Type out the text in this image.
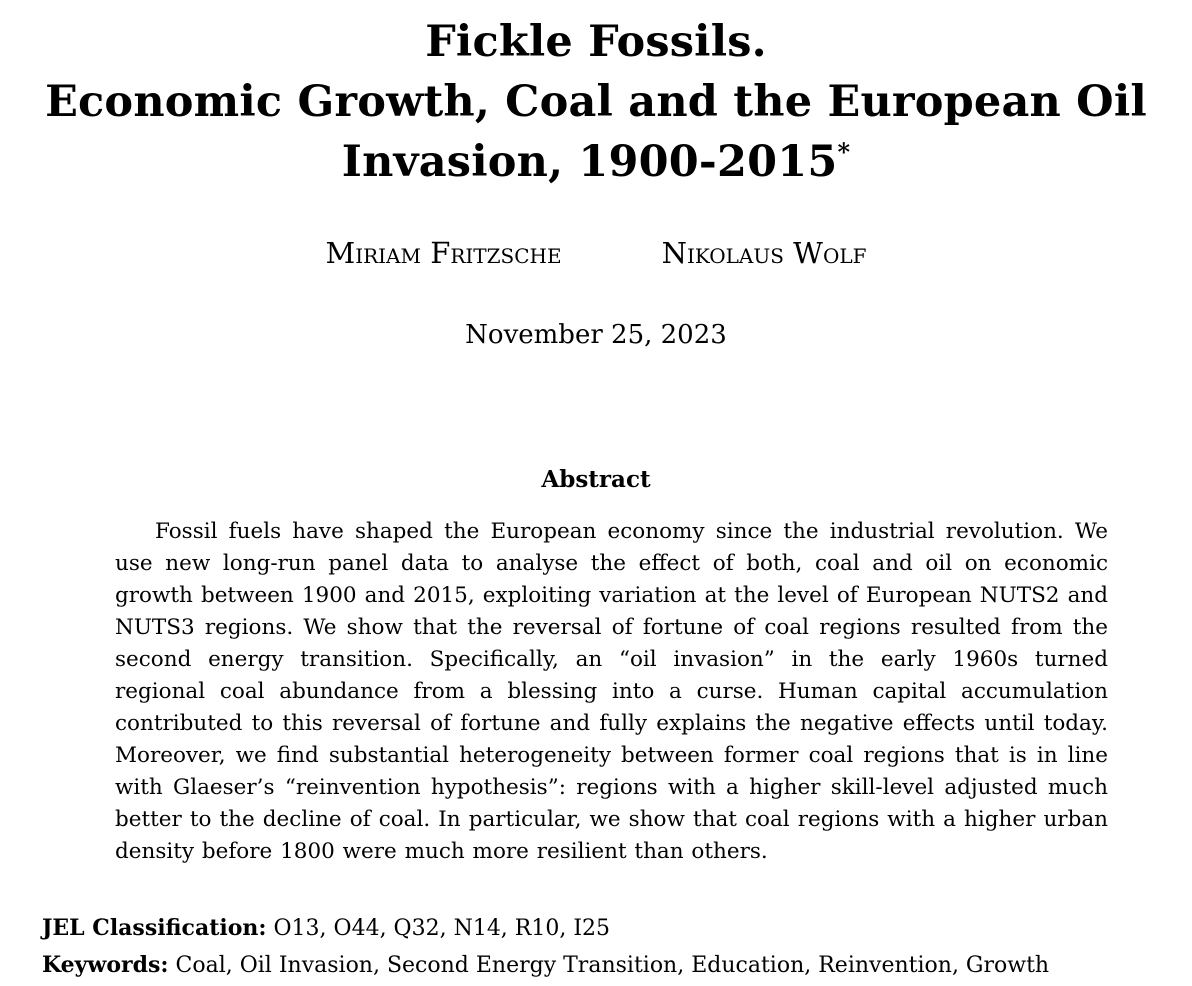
Fickle Fossils.
Economic Growth, Coal and the European Oil
Invasion, 1900-2015*
Miriam Fritzsche	Nikolaus Wolf
November 25, 2023
Abstract

Fossil fuels have shaped the European economy since the industrial revolution. We use new long-run panel data to analyse the effect of both, coal and oil on economic growth between 1900 and 2015, exploiting variation at the level of European NUTS2 and NUTS3 regions. We show that the reversal of fortune of coal regions resulted from the second energy transition. Specifically, an “oil invasion” in the early 1960s turned regional coal abundance from a blessing into a curse. Human capital accumulation contributed to this reversal of fortune and fully explains the negative effects until today. Moreover, we find substantial heterogeneity between former coal regions that is in line with Glaeser’s “reinvention hypothesis”: regions with a higher skill-level adjusted much better to the decline of coal. In particular, we show that coal regions with a higher urban density before 1800 were much more resilient than others.

JEL Classification: O13, O44, Q32, N14, R10, I25
Keywords: Coal, Oil Invasion, Second Energy Transition, Education, Reinvention, Growth
